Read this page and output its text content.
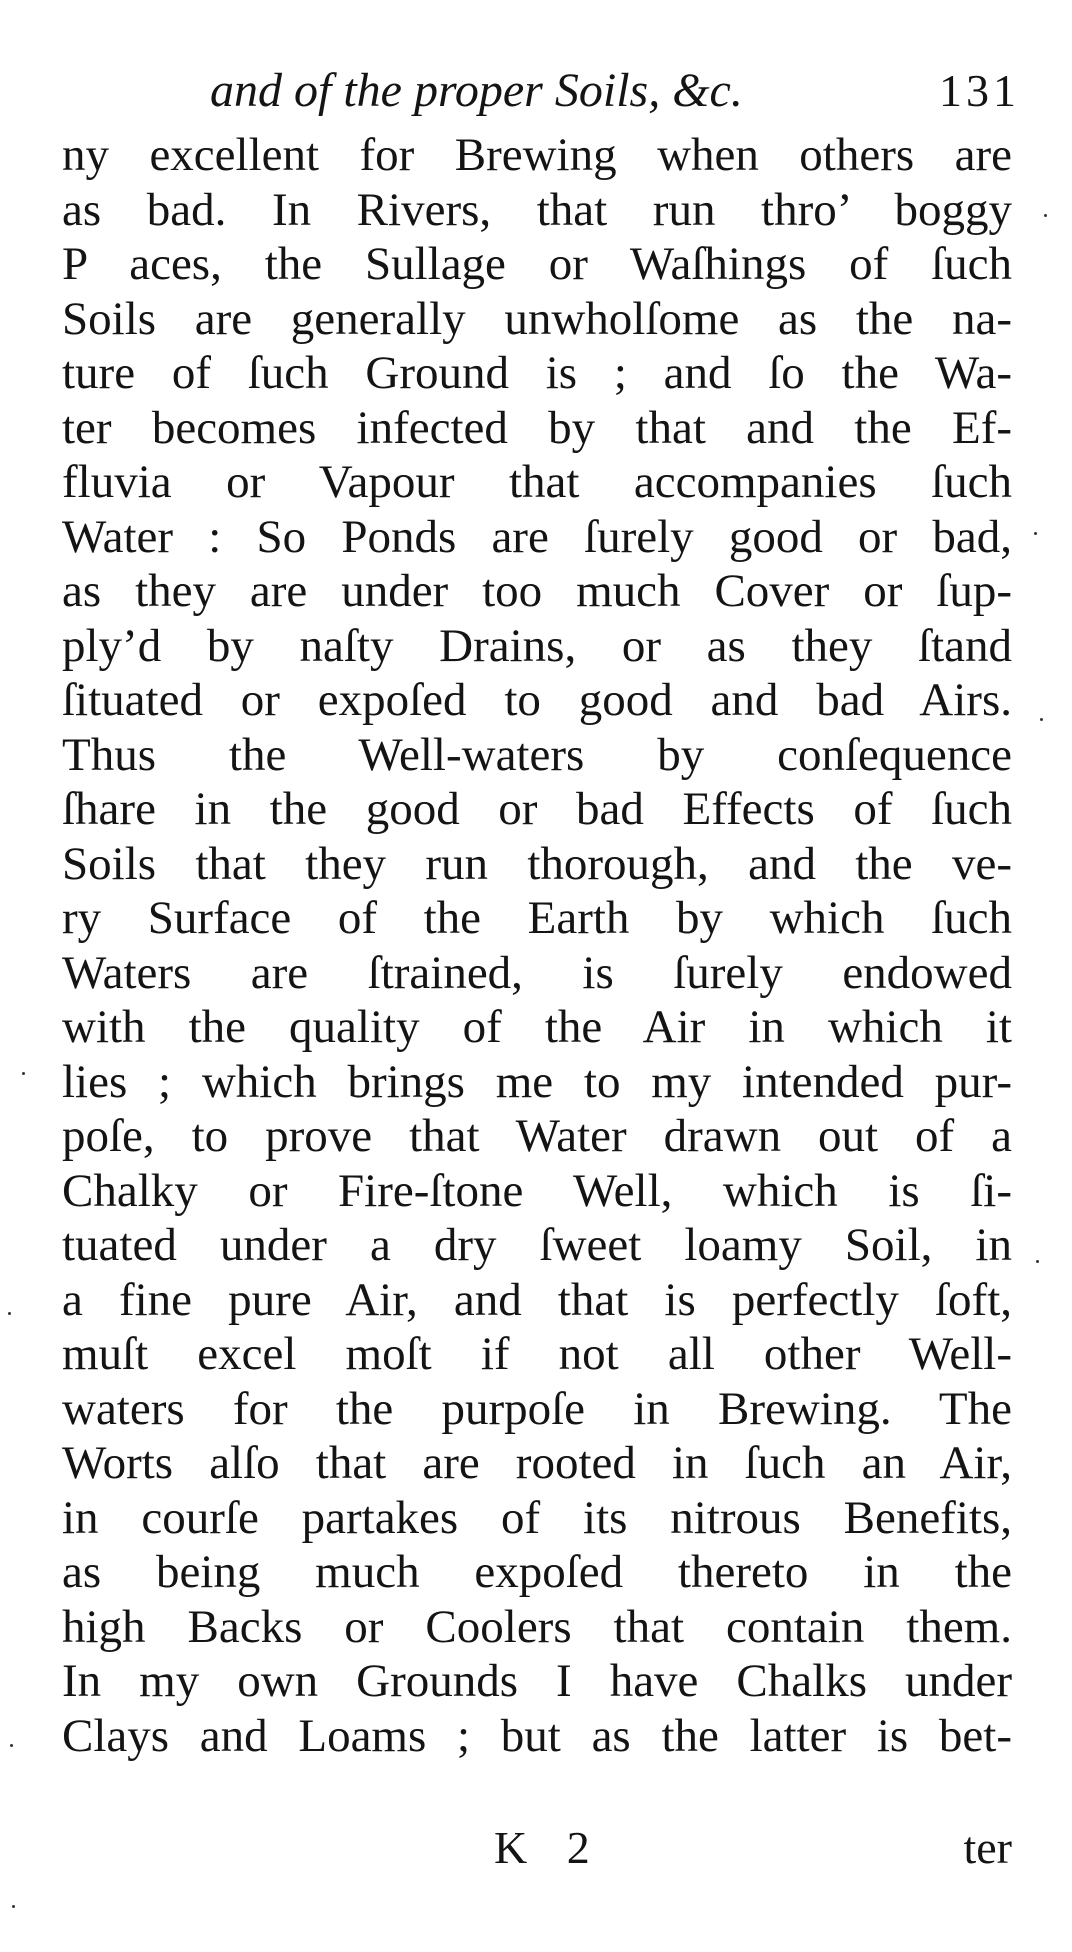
and of the proper Soils, &c.	131
ny excellent for Brewing when others are
as bad. In Rivers, that run thro’ boggy
P aces, the Sullage or Waſhings of ſuch
Soils are generally unwholſome as the na-
ture of ſuch Ground is ; and ſo the Wa-
ter becomes infected by that and the Ef-
fluvia or Vapour that accompanies ſuch
Water : So Ponds are ſurely good or bad,
as they are under too much Cover or ſup-
ply’d by naſty Drains, or as they ſtand
ſituated or expoſed to good and bad Airs.
Thus the Well-waters by conſequence
ſhare in the good or bad Effects of ſuch
Soils that they run thorough, and the ve-
ry Surface of the Earth by which ſuch
Waters are ſtrained, is ſurely endowed
with the quality of the Air in which it
lies ; which brings me to my intended pur-
poſe, to prove that Water drawn out of a
Chalky or Fire-ſtone Well, which is ſi-
tuated under a dry ſweet loamy Soil, in
a fine pure Air, and that is perfectly ſoft,
muſt excel moſt if not all other Well-
waters for the purpoſe in Brewing. The
Worts alſo that are rooted in ſuch an Air,
in courſe partakes of its nitrous Benefits,
as being much expoſed thereto in the
high Backs or Coolers that contain them.
In my own Grounds I have Chalks under
Clays and Loams ; but as the latter is bet-
K 2	ter
